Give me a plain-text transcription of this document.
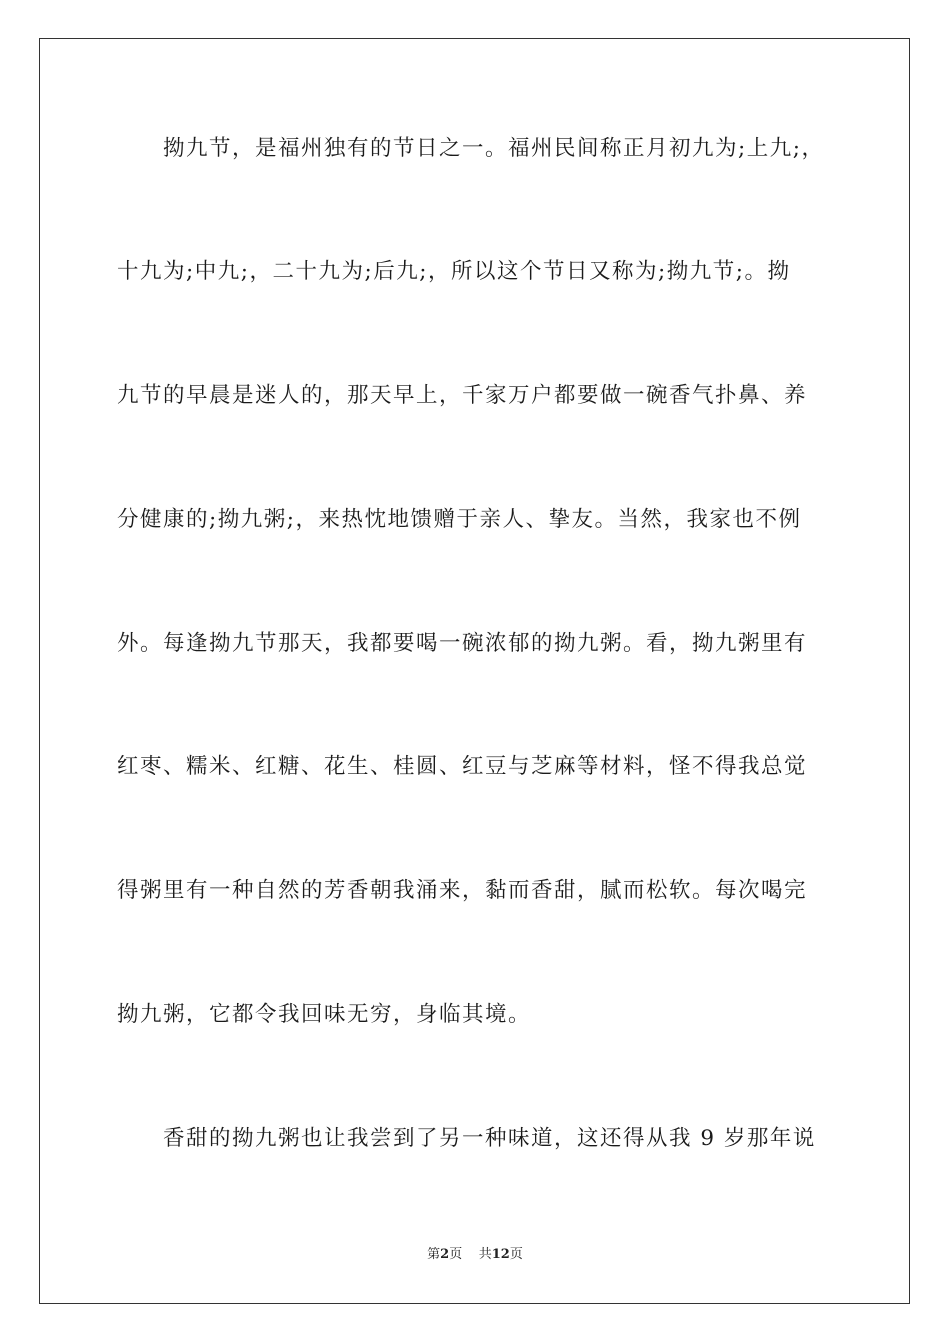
拗九节，是福州独有的节日之一。福州民间称正月初九为;上九;，
十九为;中九;，二十九为;后九;，所以这个节日又称为;拗九节;。拗
九节的早晨是迷人的，那天早上，千家万户都要做一碗香气扑鼻、养
分健康的;拗九粥;，来热忱地馈赠于亲人、挚友。当然，我家也不例
外。每逢拗九节那天，我都要喝一碗浓郁的拗九粥。看，拗九粥里有
红枣、糯米、红糖、花生、桂圆、红豆与芝麻等材料，怪不得我总觉
得粥里有一种自然的芳香朝我涌来，黏而香甜，腻而松软。每次喝完
拗九粥，它都令我回味无穷，身临其境。
香甜的拗九粥也让我尝到了另一种味道，这还得从我 9 岁那年说
第2页 共12页
